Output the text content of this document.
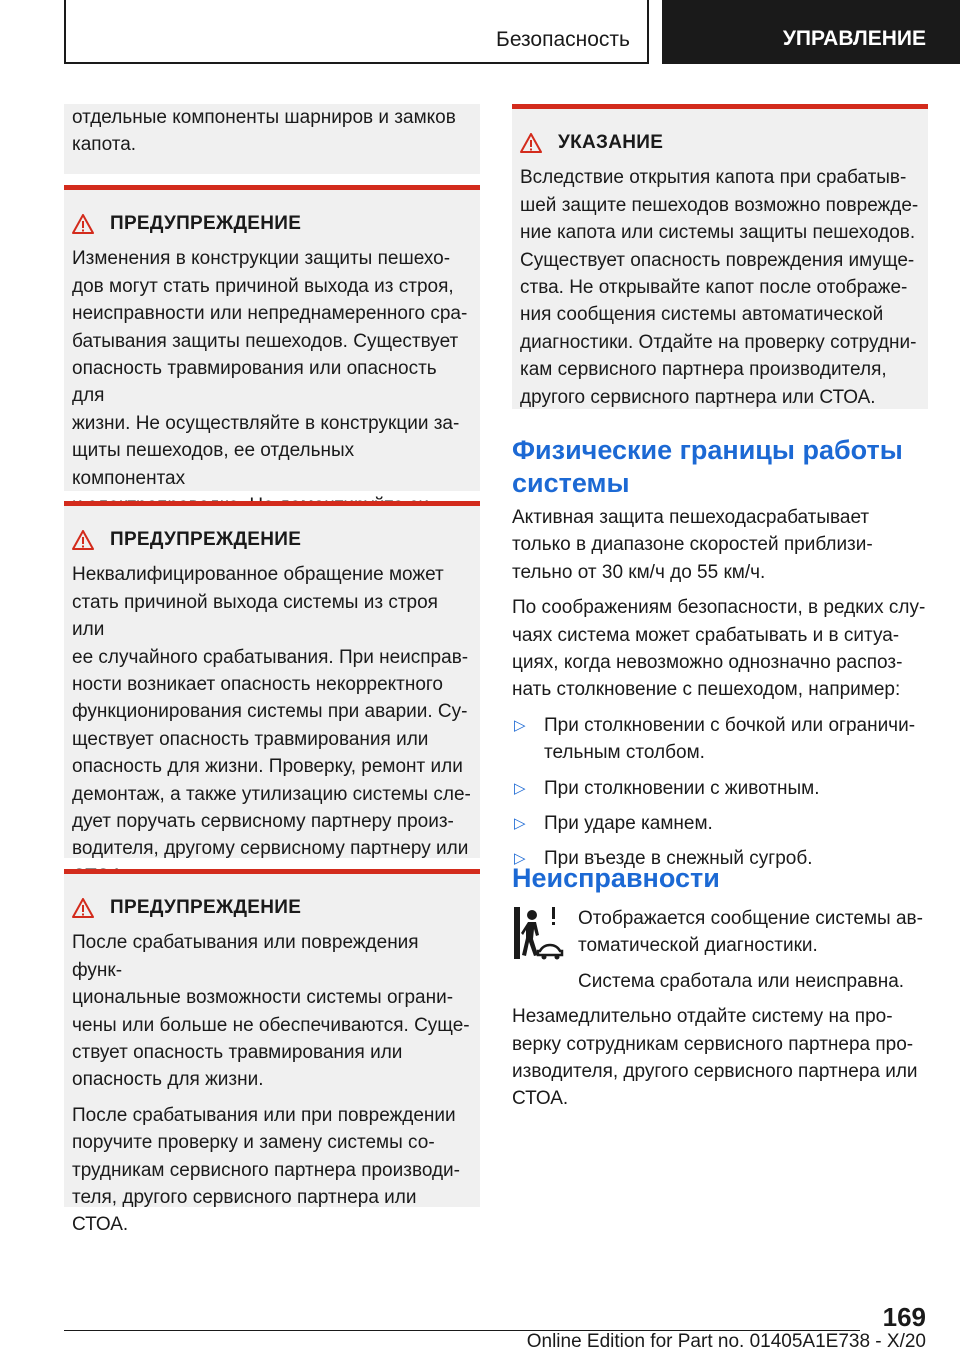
Безопасность	УПРАВЛЕНИЕ

отдельные компоненты шарниров и замков

капота.

ПРЕДУПРЕЖДЕНИЕ

Изменения в конструкции защиты пешехо-

дов могут стать причиной выхода из строя,

неисправности или непреднамеренного сра-

батывания защиты пешеходов. Существует

опасность травмирования или опасность для

жизни. Не осуществляйте в конструкции за-

щиты пешеходов, ее отдельных компонентах

ПРЕДУПРЕЖДЕНИЕ

Неквалифицированное обращение может

стать причиной выхода системы из строя или

ее случайного срабатывания. При неисправ-

ности возникает опасность некорректного

функционирования системы при аварии. Су-

ществует опасность травмирования или

опасность для жизни. Проверку, ремонт или

демонтаж, а также утилизацию системы сле-

дует поручать сервисному партнеру произ-

водителя, другому сервисному партнеру или

ПРЕДУПРЕЖДЕНИЕ

После срабатывания или повреждения функ-

циональные возможности системы ограни-

чены или больше не обеспечиваются. Суще-

ствует опасность травмирования или

опасность для жизни.

После срабатывания или при повреждении

поручите проверку и замену системы со-

трудникам сервисного партнера производи-

теля, другого сервисного партнера или

СТОА.

УКАЗАНИЕ

Вследствие открытия капота при срабатыв-

шей защите пешеходов возможно поврежде-

ние капота или системы защиты пешеходов.

Существует опасность повреждения имуще-

ства. Не открывайте капот после отображе-

ния сообщения системы автоматической

диагностики. Отдайте на проверку сотрудни-

кам сервисного партнера производителя,

другого сервисного партнера или СТОА.

Физические границы работы
системы

Активная защита пешеходасрабатывает

только в диапазоне скоростей приблизи-

тельно от 30 км/ч до 55 км/ч.

По соображениям безопасности, в редких слу-

чаях система может срабатывать и в ситуа-

циях, когда невозможно однозначно распоз-

нать столкновение с пешеходом, например:

▷ При столкновении с бочкой или ограничи-

тельным столбом.

▷ При столкновении с животным.

▷ При ударе камнем.

▷ При въезде в снежный сугроб.

Неисправности

Отображается сообщение системы ав-

томатической диагностики.

Система сработала или неисправна.

Незамедлительно отдайте систему на про-

верку сотрудникам сервисного партнера про-

изводителя, другого сервисного партнера или

СТОА.

169
Online Edition for Part no. 01405A1E738 - X/20
